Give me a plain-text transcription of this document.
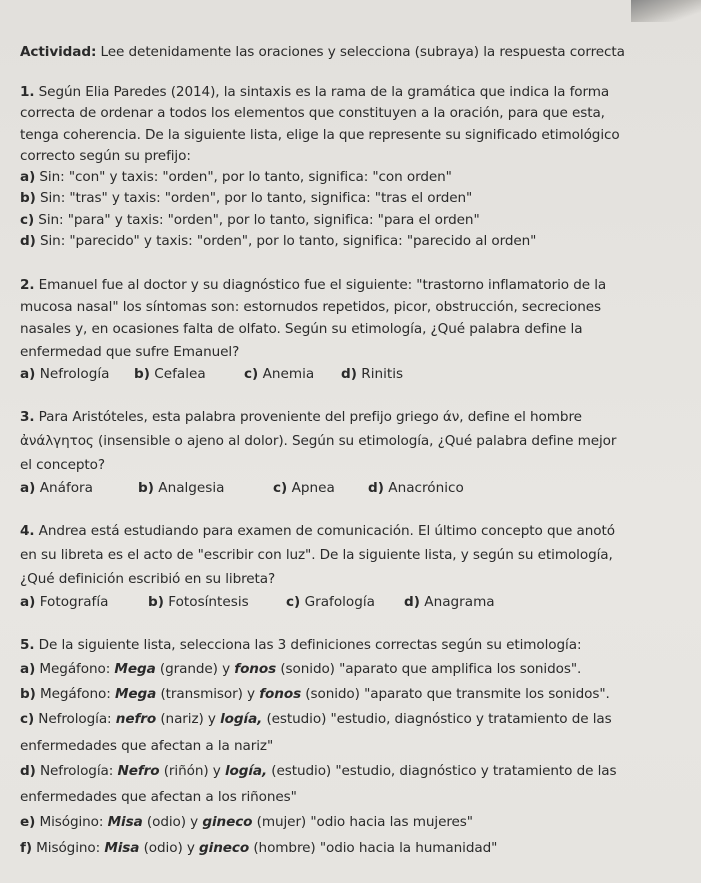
Actividad: Lee detenidamente las oraciones y selecciona (subraya) la respuesta correcta
1. Según Elia Paredes (2014), la sintaxis es la rama de la gramática que indica la forma
correcta de ordenar a todos los elementos que constituyen a la oración, para que esta,
tenga coherencia. De la siguiente lista, elige la que represente su significado etimológico
correcto según su prefijo:
a) Sin: "con" y taxis: "orden", por lo tanto, significa: "con orden"
b) Sin: "tras" y taxis: "orden", por lo tanto, significa: "tras el orden"
c) Sin: "para" y taxis: "orden", por lo tanto, significa: "para el orden"
d) Sin: "parecido" y taxis: "orden", por lo tanto, significa: "parecido al orden"
2. Emanuel fue al doctor y su diagnóstico fue el siguiente: "trastorno inflamatorio de la
mucosa nasal" los síntomas son: estornudos repetidos, picor, obstrucción, secreciones
nasales y, en ocasiones falta de olfato. Según su etimología, ¿Qué palabra define la
enfermedad que sufre Emanuel?
a) Nefrología b) Cefalea	c) Anemia d) Rinitis
3. Para Aristóteles, esta palabra proveniente del prefijo griego άν, define el hombre
ἀνάλγητος (insensible o ajeno al dolor). Según su etimología, ¿Qué palabra define mejor
el concepto?
a) Anáfora	b) Analgesia	c) Apnea d) Anacrónico
4. Andrea está estudiando para examen de comunicación. El último concepto que anotó
en su libreta es el acto de "escribir con luz". De la siguiente lista, y según su etimología,
¿Qué definición escribió en su libreta?
a) Fotografía	b) Fotosíntesis	c) Grafología d) Anagrama
5. De la siguiente lista, selecciona las 3 definiciones correctas según su etimología:
a) Megáfono: Mega (grande) y fonos (sonido) "aparato que amplifica los sonidos".
b) Megáfono: Mega (transmisor) y fonos (sonido) "aparato que transmite los sonidos".
c) Nefrología: nefro (nariz) y logía, (estudio) "estudio, diagnóstico y tratamiento de las
enfermedades que afectan a la nariz"
d) Nefrología: Nefro (riñón) y logía, (estudio) "estudio, diagnóstico y tratamiento de las
enfermedades que afectan a los riñones"
e) Misógino: Misa (odio) y gineco (mujer) "odio hacia las mujeres"
f) Misógino: Misa (odio) y gineco (hombre) "odio hacia la humanidad"
